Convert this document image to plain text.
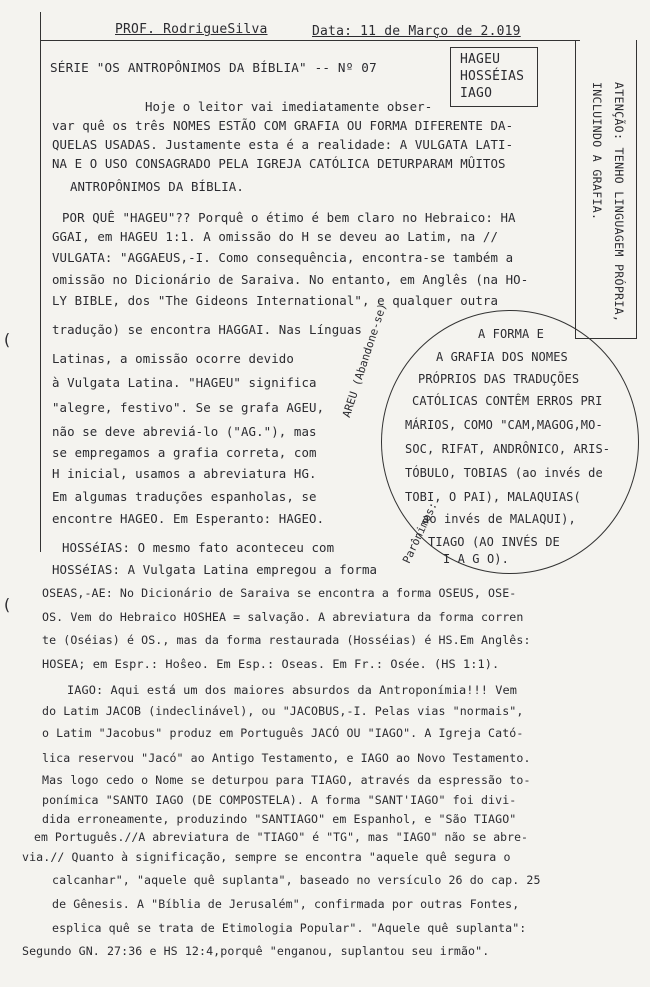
PROF. RodrigueSilva	Data: 11 de Março de 2.019
SÉRIE "OS ANTROPÔNIMOS DA BÍBLIA" -- Nº 07
HAGEU
HOSSÉIAS
IAGO	ATENÇÃO: TENHO LINGUAGEM PRÓPRIA,
INCLUINDO A GRAFIA.
Hoje o leitor vai imediatamente obser-
var quê os três NOMES ESTÃO COM GRAFIA OU FORMA DIFERENTE DA-
QUELAS USADAS. Justamente esta é a realidade: A VULGATA LATI-
NA E O USO CONSAGRADO PELA IGREJA CATÓLICA DETURPARAM MÛITOS
ANTROPÔNIMOS DA BÍBLIA.
POR QUÊ "HAGEU"?? Porquê o étimo é bem claro no Hebraico: HA
GGAI, em HAGEU 1:1. A omissão do H se deveu ao Latim, na //
VULGATA: "AGGAEUS,-I. Como consequência, encontra-se também a
omissão no Dicionário de Saraiva. No entanto, em Anglês (na HO-
LY BIBLE, dos "The Gideons International", e qualquer outra
tradução) se encontra HAGGAI. Nas Línguas
Latinas, a omissão ocorre devido
à Vulgata Latina. "HAGEU" significa
"alegre, festivo". Se se grafa AGEU,
não se deve abreviá-lo ("AG."), mas
se empregamos a grafia correta, com
H inicial, usamos a abreviatura HG.
Em algumas traduções espanholas, se
encontre HAGEO. Em Esperanto: HAGEO.
HOSSéIAS: O mesmo fato aconteceu com
HOSSéIAS: A Vulgata Latina empregou a forma
OSEAS,-AE: No Dicionário de Saraiva se encontra a forma OSEUS, OSE-
OS. Vem do Hebraico HOSHEA = salvação. A abreviatura da forma corren
te (Oséias) é OS., mas da forma restaurada (Hosséias) é HS.Em Anglês:
HOSEA; em Espr.: Hoŝeo. Em Esp.: Oseas. Em Fr.: Osée. (HS 1:1).
IAGO: Aqui está um dos maiores absurdos da Antroponímia!!! Vem
do Latim JACOB (indeclinável), ou "JACOBUS,-I. Pelas vias "normais",
o Latim "Jacobus" produz em Português JACÓ OU "IAGO". A Igreja Cató-
lica reservou "Jacó" ao Antigo Testamento, e IAGO ao Novo Testamento.
Mas logo cedo o Nome se deturpou para TIAGO, através da espressão to-
ponímica "SANTO IAGO (DE COMPOSTELA). A forma "SANT'IAGO" foi divi-
dida erroneamente, produzindo "SANTIAGO" em Espanhol, e "São TIAGO"
em Português.//A abreviatura de "TIAGO" é "TG", mas "IAGO" não se abre-
via.// Quanto à significação, sempre se encontra "aquele quê segura o
calcanhar", "aquele quê suplanta", baseado no versículo 26 do cap. 25
de Gênesis. A "Bíblia de Jerusalém", confirmada por outras Fontes,
esplica quê se trata de Etimologia Popular". "Aquele quê suplanta":
Segundo GN. 27:36 e HS 12:4,porquê "enganou, suplantou seu irmão".
AREU (Abandone-se)
Parônimos:
A FORMA E
A GRAFIA DOS NOMES
PRÓPRIOS DAS TRADUÇÕES
CATÓLICAS CONTÊM ERROS PRI
MÁRIOS, COMO "CAM,MAGOG,MO-
SOC, RIFAT, ANDRÔNICO, ARIS-
TÓBULO, TOBIAS (ao invés de
TOBI, O PAI), MALAQUIAS(
ao invés de MALAQUI),
TIAGO (AO INVÉS DE
I A G O).
(
(
